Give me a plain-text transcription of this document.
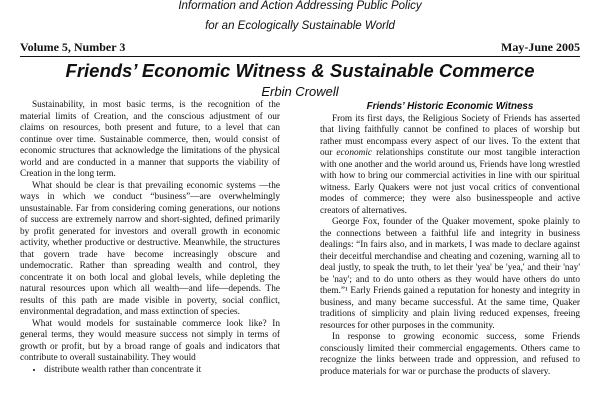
Information and Action Addressing Public Policy
for an Ecologically Sustainable World
Volume 5, Number 3	May-June 2005
Friends’ Economic Witness & Sustainable Commerce
Erbin Crowell

Sustainability, in most basic terms, is the recognition of the material limits of Creation, and the conscious adjustment of our claims on resources, both present and future, to a level that can continue over time. Sustainable commerce, then, would consist of economic structures that acknowledge the limitations of the physical world and are conducted in a manner that supports the viability of Creation in the long term.

What should be clear is that prevailing economic systems —the ways in which we conduct “business”—are overwhelmingly unsustainable. Far from considering coming generations, our notions of success are extremely narrow and short-sighted, defined primarily by profit generated for investors and overall growth in economic activity, whether productive or destructive. Meanwhile, the structures that govern trade have become increasingly obscure and undemocratic. Rather than spreading wealth and control, they concentrate it on both local and global levels, while depleting the natural resources upon which all wealth—and life—depends. The results of this path are made visible in poverty, social conflict, environmental degradation, and mass extinction of species.

What would models for sustainable commerce look like? In general terms, they would measure success not simply in terms of growth or profit, but by a broad range of goals and indicators that contribute to overall sustainability. They would

• distribute wealth rather than concentrate it

Friends’ Historic Economic Witness

From its first days, the Religious Society of Friends has asserted that living faithfully cannot be confined to places of worship but rather must encompass every aspect of our lives. To the extent that our economic relationships constitute our most tangible interaction with one another and the world around us, Friends have long wrestled with how to bring our commercial activities in line with our spiritual witness. Early Quakers were not just vocal critics of conventional modes of commerce; they were also businesspeople and active creators of alternatives.

George Fox, founder of the Quaker movement, spoke plainly to the connections between a faithful life and integrity in business dealings: “In fairs also, and in markets, I was made to declare against their deceitful merchandise and cheating and cozening, warning all to deal justly, to speak the truth, to let their 'yea' be 'yea,' and their 'nay' be 'nay'; and to do unto others as they would have others do unto them.”¹ Early Friends gained a reputation for honesty and integrity in business, and many became successful. At the same time, Quaker traditions of simplicity and plain living reduced expenses, freeing resources for other purposes in the community.

In response to growing economic success, some Friends consciously limited their commercial engagements. Others came to recognize the links between trade and oppression, and refused to produce materials for war or purchase the products of slavery.
